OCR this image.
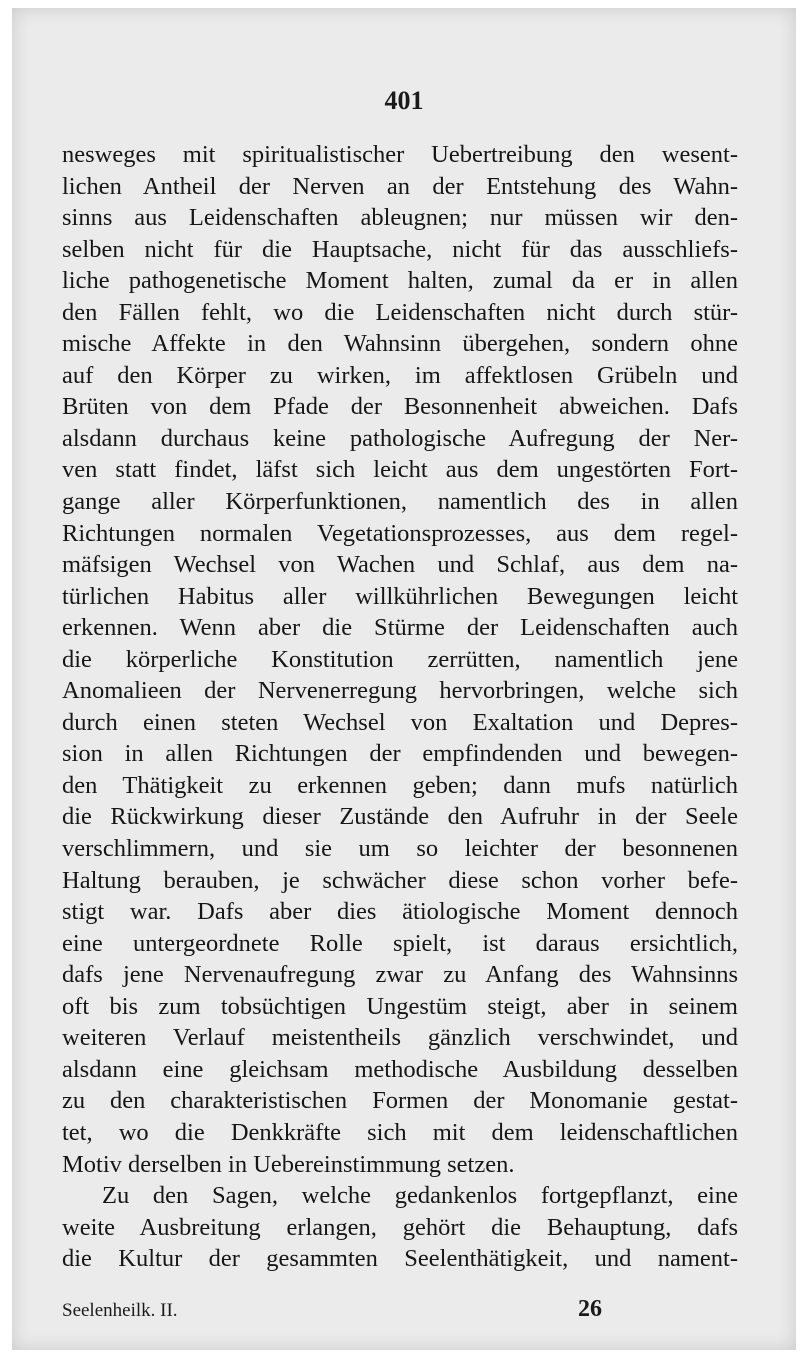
401
nesweges mit spiritualistischer Uebertreibung den wesent-
lichen Antheil der Nerven an der Entstehung des Wahn-
sinns aus Leidenschaften ableugnen; nur müssen wir den-
selben nicht für die Hauptsache, nicht für das ausschliefs-
liche pathogenetische Moment halten, zumal da er in allen
den Fällen fehlt, wo die Leidenschaften nicht durch stür-
mische Affekte in den Wahnsinn übergehen, sondern ohne
auf den Körper zu wirken, im affektlosen Grübeln und
Brüten von dem Pfade der Besonnenheit abweichen. Dafs
alsdann durchaus keine pathologische Aufregung der Ner-
ven statt findet, läfst sich leicht aus dem ungestörten Fort-
gange aller Körperfunktionen, namentlich des in allen
Richtungen normalen Vegetationsprozesses, aus dem regel-
mäfsigen Wechsel von Wachen und Schlaf, aus dem na-
türlichen Habitus aller willkührlichen Bewegungen leicht
erkennen. Wenn aber die Stürme der Leidenschaften auch
die körperliche Konstitution zerrütten, namentlich jene
Anomalieen der Nervenerregung hervorbringen, welche sich
durch einen steten Wechsel von Exaltation und Depres-
sion in allen Richtungen der empfindenden und bewegen-
den Thätigkeit zu erkennen geben; dann mufs natürlich
die Rückwirkung dieser Zustände den Aufruhr in der Seele
verschlimmern, und sie um so leichter der besonnenen
Haltung berauben, je schwächer diese schon vorher befe-
stigt war. Dafs aber dies ätiologische Moment dennoch
eine untergeordnete Rolle spielt, ist daraus ersichtlich,
dafs jene Nervenaufregung zwar zu Anfang des Wahnsinns
oft bis zum tobsüchtigen Ungestüm steigt, aber in seinem
weiteren Verlauf meistentheils gänzlich verschwindet, und
alsdann eine gleichsam methodische Ausbildung desselben
zu den charakteristischen Formen der Monomanie gestat-
tet, wo die Denkkräfte sich mit dem leidenschaftlichen
Motiv derselben in Uebereinstimmung setzen.
Zu den Sagen, welche gedankenlos fortgepflanzt, eine
weite Ausbreitung erlangen, gehört die Behauptung, dafs
die Kultur der gesammten Seelenthätigkeit, und nament-
Seelenheilk. II.	26
